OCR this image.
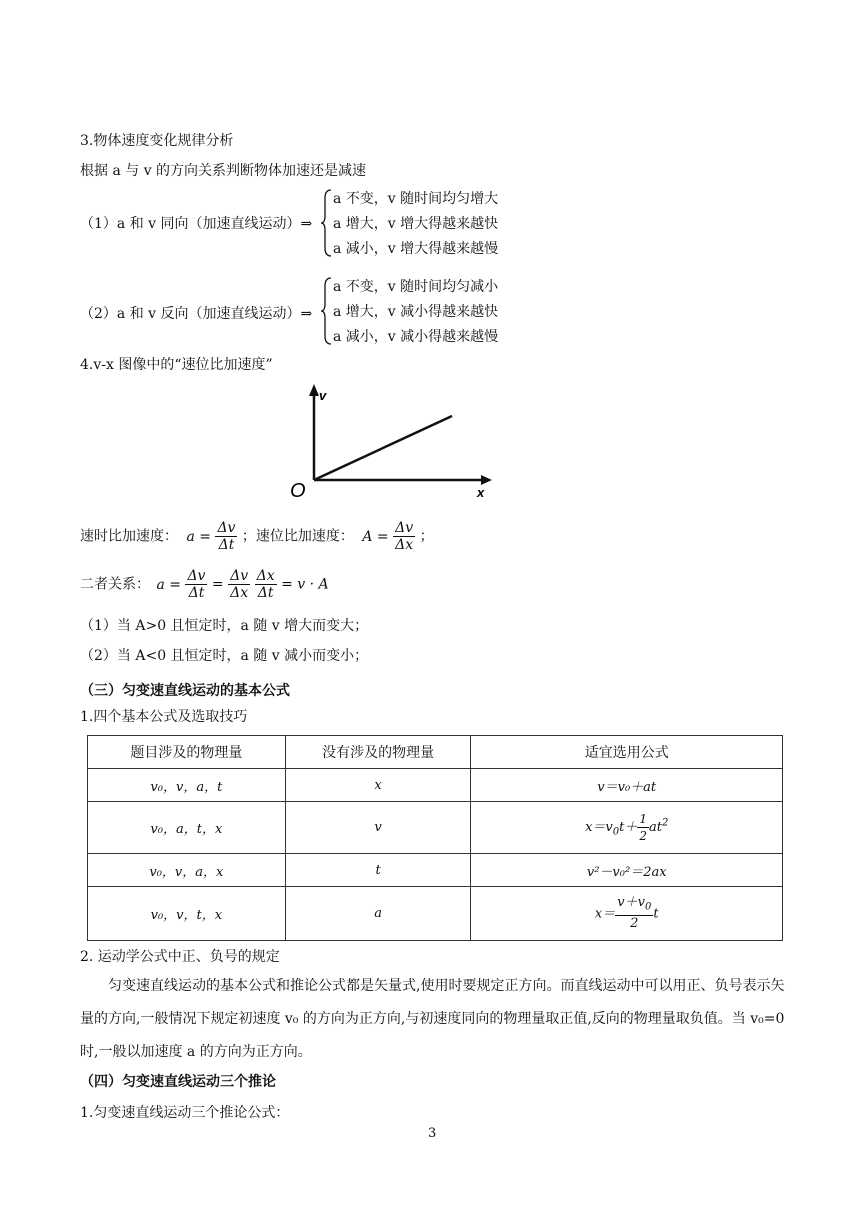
3.物体速度变化规律分析
根据 a 与 v 的方向关系判断物体加速还是减速
（1）a 和 v 同向（加速直线运动）⇒
a 不变，v 随时间均匀增大
a 增大，v 增大得越来越快
a 减小，v 增大得越来越慢
（2）a 和 v 反向（加速直线运动）⇒
a 不变，v 随时间均匀减小
a 增大，v 减小得越来越快
a 减小，v 减小得越来越慢
4.v-x 图像中的“速位比加速度”
v
x
O
速时比加速度： $a = \frac{\Delta v}{\Delta t}$ ；速位比加速度： $A = \frac{\Delta v}{\Delta x}$ ；
二者关系： $a = \frac{\Delta v}{\Delta t} = \frac{\Delta v}{\Delta x}$
$\frac{\Delta x}{\Delta t} = v \cdot A$
（1）当 A>0 且恒定时，a 随 v 增大而变大；
（2）当 A<0 且恒定时，a 随 v 减小而变小；
（三）匀变速直线运动的基本公式
1.四个基本公式及选取技巧
题目涉及的物理量	没有涉及的物理量	适宜选用公式
v₀，v，a，t	x	v＝v₀＋at
v₀，a，t，x	v	$x=v_0t+ \frac{1}{2} at^2$
v₀，v，a，x	t	v²－v₀²＝2ax
v₀，v，t，x	a	$x= \frac{v+v_0}{2}$ t
2. 运动学公式中正、负号的规定
匀变速直线运动的基本公式和推论公式都是矢量式,使用时要规定正方向。而直线运动中可以用正、负号表示矢量的方向,一般情况下规定初速度 v₀ 的方向为正方向,与初速度同向的物理量取正值,反向的物理量取负值。当 v₀=0 时,一般以加速度 a 的方向为正方向。
（四）匀变速直线运动三个推论
1.匀变速直线运动三个推论公式：
3
